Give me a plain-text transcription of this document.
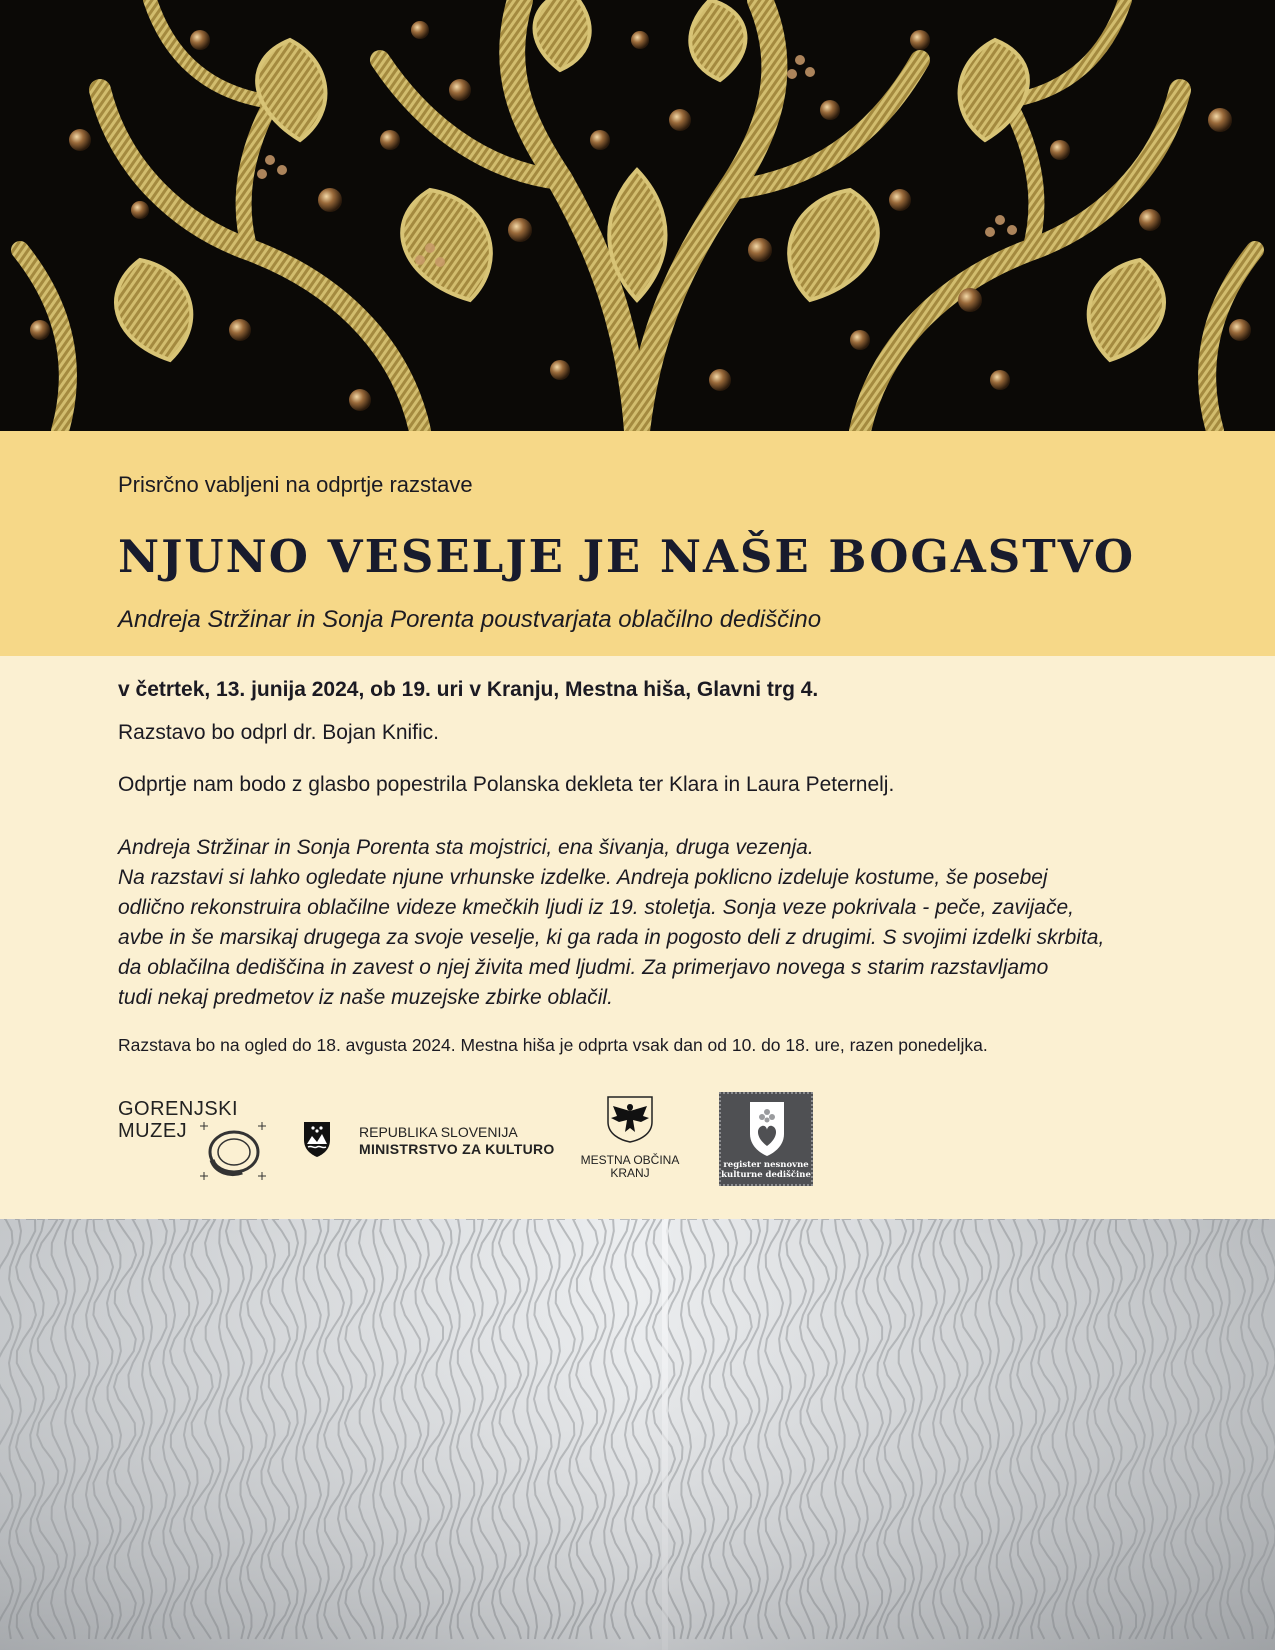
Prisrčno vabljeni na odprtje razstave

NJUNO VESELJE JE NAŠE BOGASTVO

Andreja Stržinar in Sonja Porenta poustvarjata oblačilno dediščino

v četrtek, 13. junija 2024, ob 19. uri v Kranju, Mestna hiša, Glavni trg 4.

Razstavo bo odprl dr. Bojan Knific.

Odprtje nam bodo z glasbo popestrila Polanska dekleta ter Klara in Laura Peternelj.

Andreja Stržinar in Sonja Porenta sta mojstrici, ena šivanja, druga vezenja.
Na razstavi si lahko ogledate njune vrhunske izdelke. Andreja poklicno izdeluje kostume, še posebej
odlično rekonstruira oblačilne videze kmečkih ljudi iz 19. stoletja. Sonja veze pokrivala - peče, zavijače,
avbe in še marsikaj drugega za svoje veselje, ki ga rada in pogosto deli z drugimi. S svojimi izdelki skrbita,
da oblačilna dediščina in zavest o njej živita med ljudmi. Za primerjavo novega s starim razstavljamo
tudi nekaj predmetov iz naše muzejske zbirke oblačil.

Razstava bo na ogled do 18. avgusta 2024. Mestna hiša je odprta vsak dan od 10. do 18. ure, razen ponedeljka.

GORENJSKI
MUZEJ	REPUBLIKA SLOVENIJA
MINISTRSTVO ZA KULTURO
MESTNA OBČINA
KRANJ
register nesnovne
kulturne dediščine
